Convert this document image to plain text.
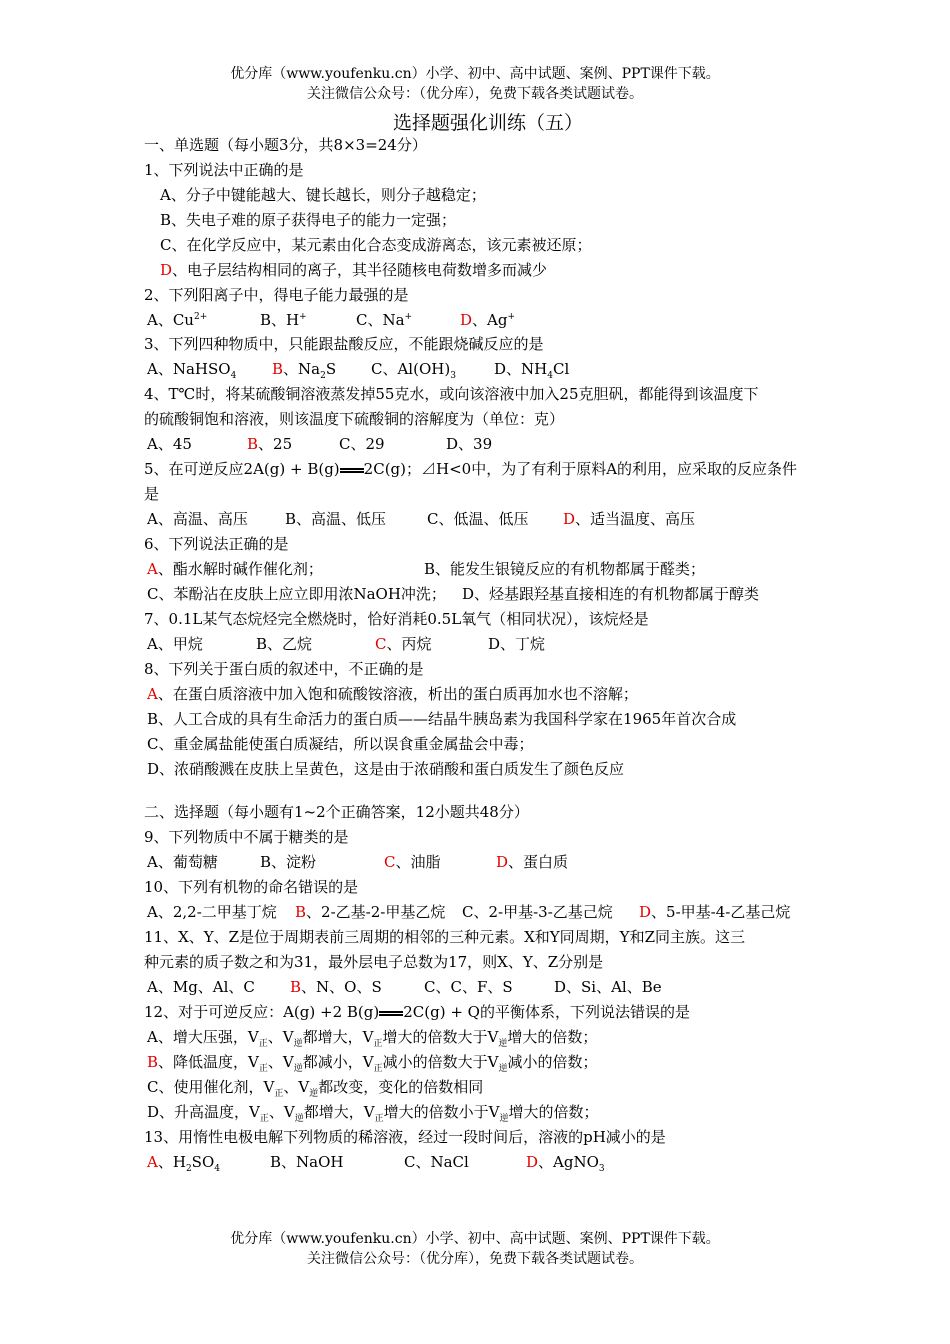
优分库（www.youfenku.cn）小学、初中、高中试题、案例、PPT课件下载。
关注微信公众号：（优分库），免费下载各类试题试卷。
选择题强化训练（五）
一、单选题（每小题3分，共8×3=24分）
1、下列说法中正确的是
A、分子中键能越大、键长越长，则分子越稳定；
B、失电子难的原子获得电子的能力一定强；
C、在化学反应中，某元素由化合态变成游离态，该元素被还原；
D、电子层结构相同的离子，其半径随核电荷数增多而减少
2、下列阳离子中，得电子能力最强的是
A、$Cu^{2+}$	B、H+	C、Na+	D、Ag+
3、下列四种物质中，只能跟盐酸反应，不能跟烧碱反应的是
A、NaHSO$_4$ B、$Na_2S$ C、$Al(OH)_3$	D、$NH_4Cl$
4、T℃时，将某硫酸铜溶液蒸发掉55克水，或向该溶液中加入25克胆矾，都能得到该温度下
的硫酸铜饱和溶液，则该温度下硫酸铜的溶解度为（单位：克）
A、45	B、25	C、29	D、39
5、在可逆反应2A(g) + B(g) 2C(g)；⊿H<0中，为了有利于原料A的利用，应采取的反应条件
是
A、高温、高压 B、高温、低压	C、低温、低压 D、适当温度、高压
6、下列说法正确的是
A、酯水解时碱作催化剂；	B、能发生银镜反应的有机物都属于醛类；
C、苯酚沾在皮肤上应立即用浓NaOH冲洗； D、烃基跟羟基直接相连的有机物都属于醇类
7、0.1L某气态烷烃完全燃烧时，恰好消耗0.5L氧气（相同状况），该烷烃是
A、甲烷	B、乙烷	C、丙烷	D、丁烷
8、下列关于蛋白质的叙述中，不正确的是
A、在蛋白质溶液中加入饱和硫酸铵溶液，析出的蛋白质再加水也不溶解；
B、人工合成的具有生命活力的蛋白质——结晶牛胰岛素为我国科学家在1965年首次合成
C、重金属盐能使蛋白质凝结，所以误食重金属盐会中毒；
D、浓硝酸溅在皮肤上呈黄色，这是由于浓硝酸和蛋白质发生了颜色反应
二、选择题（每小题有1~2个正确答案，12小题共48分）
9、下列物质中不属于糖类的是
A、葡萄糖	B、淀粉	C、油脂	D、蛋白质
10、下列有机物的命名错误的是
A、2,2-二甲基丁烷 B、2-乙基-2-甲基乙烷 C、2-甲基-3-乙基己烷 D、5-甲基-4-乙基己烷
11、X、Y、Z是位于周期表前三周期的相邻的三种元素。X和Y同周期，Y和Z同主族。这三
种元素的质子数之和为31，最外层电子总数为17，则X、Y、Z分别是
A、Mg、Al、C B、N、O、S	C、C、F、S	D、Si、Al、Be
12、对于可逆反应：A(g) +2 B(g) 2C(g) + Q的平衡体系，下列说法错误的是
A、增大压强，$V_正$、$V_逆$都增大，$V_正$增大的倍数大于$V_逆$增大的倍数；
B、降低温度，$V_正$、$V_逆$都减小，$V_正$减小的倍数大于$V_逆$减小的倍数；
C、使用催化剂，$V_正$、$V_逆$都改变，变化的倍数相同
D、升高温度，$V_正$、$V_逆$都增大，$V_正$增大的倍数小于$V_逆$增大的倍数；
13、用惰性电极电解下列物质的稀溶液，经过一段时间后，溶液的pH减小的是
A、$H_2SO_4$	B、NaOH	C、NaCl	D、AgNO$_3$
优分库（www.youfenku.cn）小学、初中、高中试题、案例、PPT课件下载。
关注微信公众号：（优分库），免费下载各类试题试卷。
